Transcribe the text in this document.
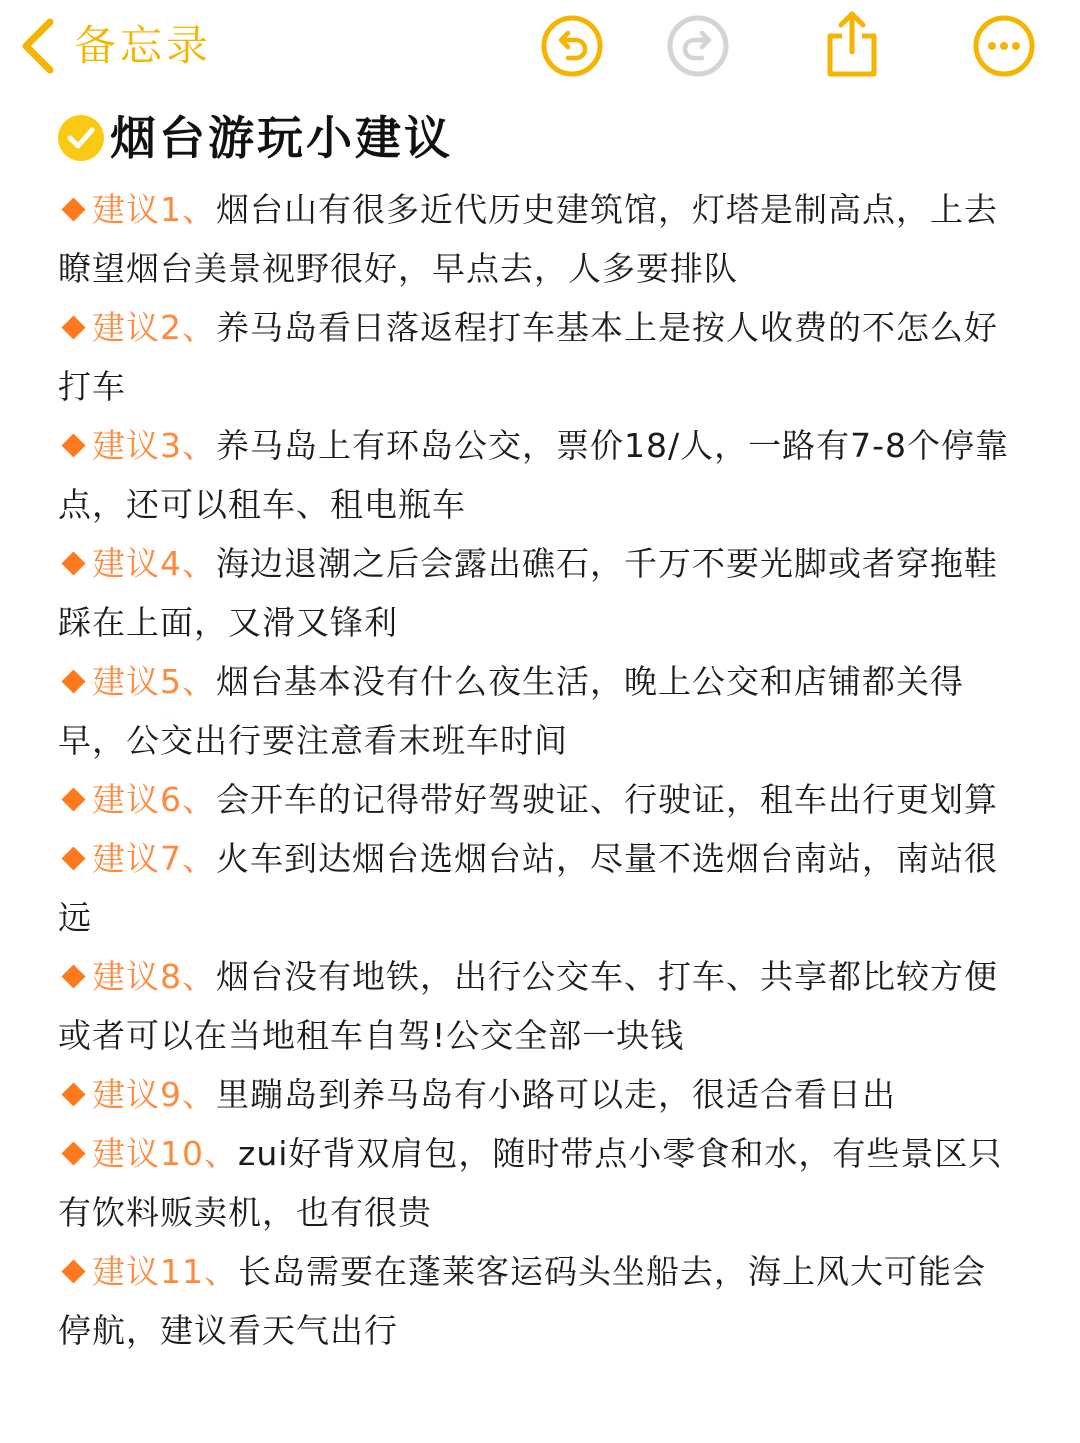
备忘录
烟台游玩小建议
建议1、烟台山有很多近代历史建筑馆，灯塔是制高点，上去瞭望烟台美景视野很好，早点去，人多要排队
建议2、养马岛看日落返程打车基本上是按人收费的不怎么好打车
建议3、养马岛上有环岛公交，票价18/人，一路有7-8个停靠点，还可以租车、租电瓶车
建议4、海边退潮之后会露出礁石，千万不要光脚或者穿拖鞋踩在上面，又滑又锋利
建议5、烟台基本没有什么夜生活，晚上公交和店铺都关得早，公交出行要注意看末班车时间
建议6、会开车的记得带好驾驶证、行驶证，租车出行更划算
建议7、火车到达烟台选烟台站，尽量不选烟台南站，南站很远
建议8、烟台没有地铁，出行公交车、打车、共享都比较方便或者可以在当地租车自驾!公交全部一块钱
建议9、里蹦岛到养马岛有小路可以走，很适合看日出
建议10、zui好背双肩包，随时带点小零食和水，有些景区只有饮料贩卖机，也有很贵
建议11、长岛需要在蓬莱客运码头坐船去，海上风大可能会停航，建议看天气出行
